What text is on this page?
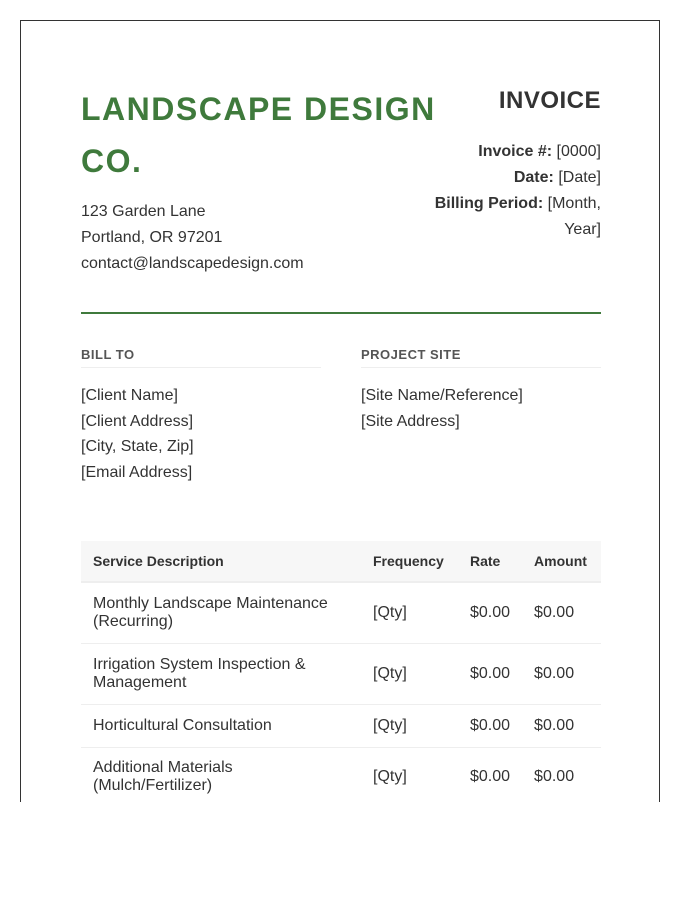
LANDSCAPE DESIGN CO.
123 Garden Lane
Portland, OR 97201
contact@landscapedesign.com
INVOICE
Invoice #: [0000]
Date: [Date]
Billing Period: [Month, Year]
BILL TO
[Client Name]
[Client Address]
[City, State, Zip]
[Email Address]
PROJECT SITE
[Site Name/Reference]
[Site Address]
Service Description	Frequency	Rate	Amount
Monthly Landscape Maintenance (Recurring)	[Qty]	$0.00	$0.00
Irrigation System Inspection & Management	[Qty]	$0.00	$0.00
Horticultural Consultation	[Qty]	$0.00	$0.00
Additional Materials (Mulch/Fertilizer)	[Qty]	$0.00	$0.00
